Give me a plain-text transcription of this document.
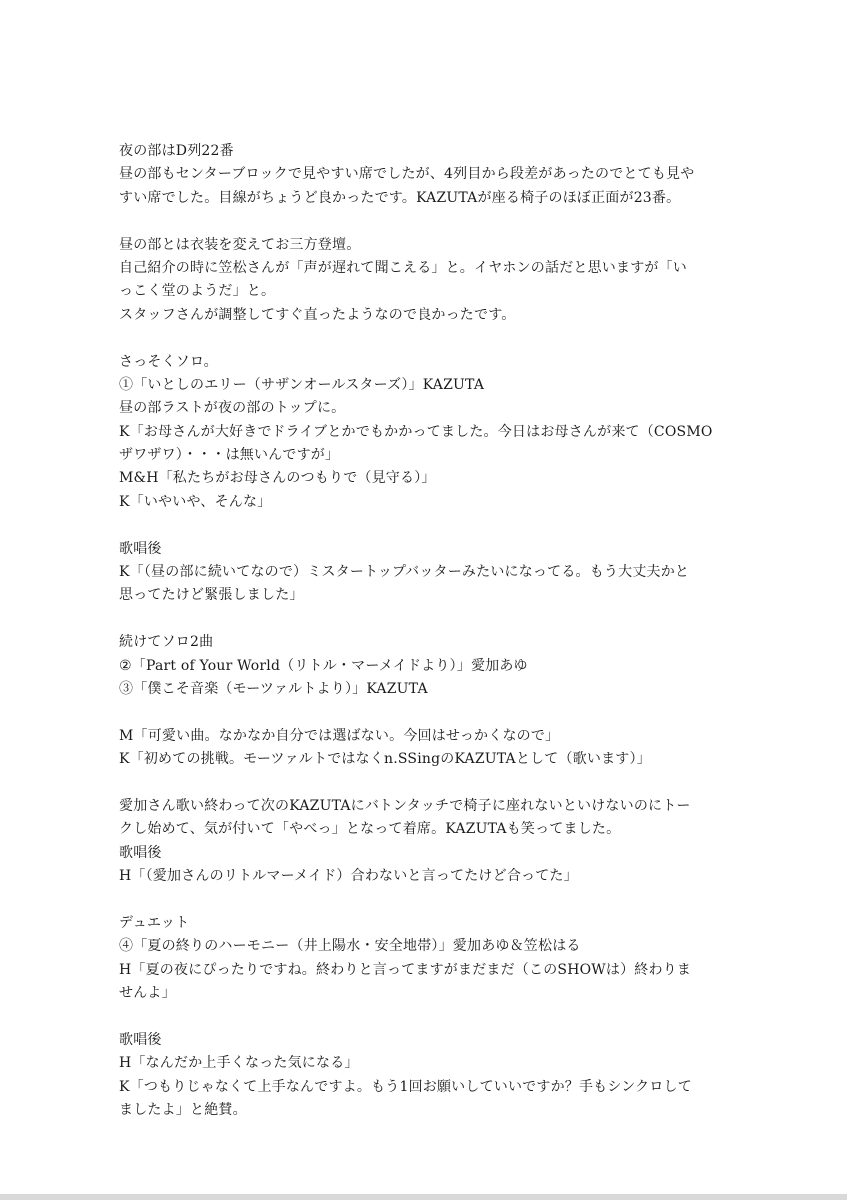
夜の部はD列22番
昼の部もセンターブロックで見やすい席でしたが、4列目から段差があったのでとても見や
すい席でした。目線がちょうど良かったです。KAZUTAが座る椅子のほぼ正面が23番。
昼の部とは衣装を変えてお三方登壇。
自己紹介の時に笠松さんが「声が遅れて聞こえる」と。イヤホンの話だと思いますが「い
っこく堂のようだ」と。
スタッフさんが調整してすぐ直ったようなので良かったです。
さっそくソロ。
①「いとしのエリー（サザンオールスターズ）」KAZUTA
昼の部ラストが夜の部のトップに。
K「お母さんが大好きでドライブとかでもかかってました。今日はお母さんが来て（COSMO
ザワザワ）・・・は無いんですが」
M&H「私たちがお母さんのつもりで（見守る）」
K「いやいや、そんな」
歌唱後
K「（昼の部に続いてなので）ミスタートップバッターみたいになってる。もう大丈夫かと
思ってたけど緊張しました」
続けてソロ2曲
②「Part of Your World（リトル・マーメイドより）」愛加あゆ
③「僕こそ音楽（モーツァルトより）」KAZUTA
M「可愛い曲。なかなか自分では選ばない。今回はせっかくなので」
K「初めての挑戦。モーツァルトではなくn.SSingのKAZUTAとして（歌います）」
愛加さん歌い終わって次のKAZUTAにバトンタッチで椅子に座れないといけないのにトー
クし始めて、気が付いて「やべっ」となって着席。KAZUTAも笑ってました。
歌唱後
H「（愛加さんのリトルマーメイド）合わないと言ってたけど合ってた」
デュエット
④「夏の終りのハーモニー（井上陽水・安全地帯）」愛加あゆ＆笠松はる
H「夏の夜にぴったりですね。終わりと言ってますがまだまだ（このSHOWは）終わりま
せんよ」
歌唱後
H「なんだか上手くなった気になる」
K「つもりじゃなくて上手なんですよ。もう1回お願いしていいですか？手もシンクロして
ましたよ」と絶賛。
